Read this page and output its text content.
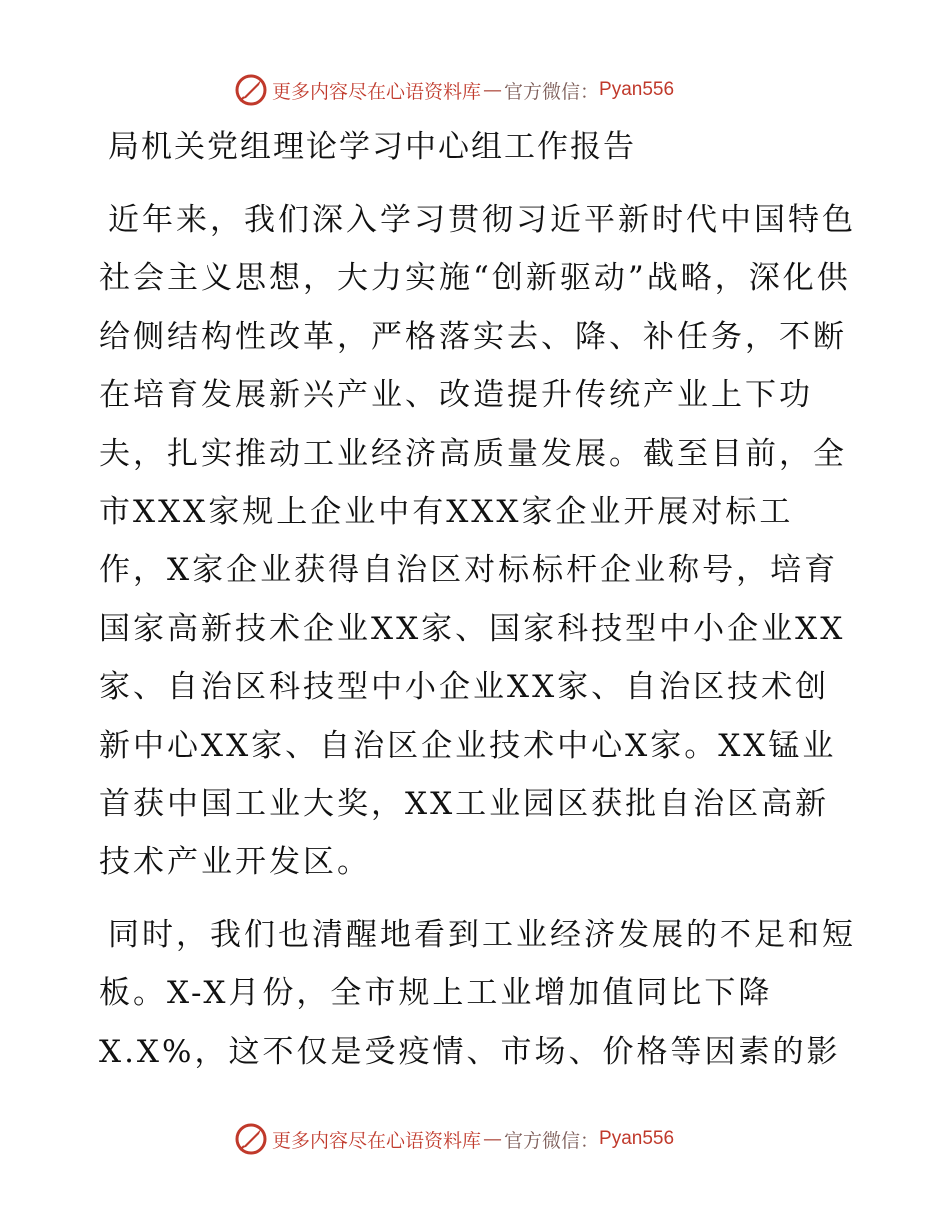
更多内容尽在心语资料库 — 官方微信： Pyan556
局机关党组理论学习中心组工作报告

近年来，我们深入学习贯彻习近平新时代中国特色社会主义思想，大力实施“创新驱动”战略，深化供给侧结构性改革，严格落实去、降、补任务，不断在培育发展新兴产业、改造提升传统产业上下功夫，扎实推动工业经济高质量发展。截至目前，全市XXX家规上企业中有XXX家企业开展对标工作，X家企业获得自治区对标标杆企业称号，培育国家高新技术企业XX家、国家科技型中小企业XX家、自治区科技型中小企业XX家、自治区技术创新中心XX家、自治区企业技术中心X家。XX锰业首获中国工业大奖，XX工业园区获批自治区高新技术产业开发区。

同时，我们也清醒地看到工业经济发展的不足和短板。X-X月份，全市规上工业增加值同比下降X.X%，这不仅是受疫情、市场、价格等因素的影

更多内容尽在心语资料库 — 官方微信： Pyan556
